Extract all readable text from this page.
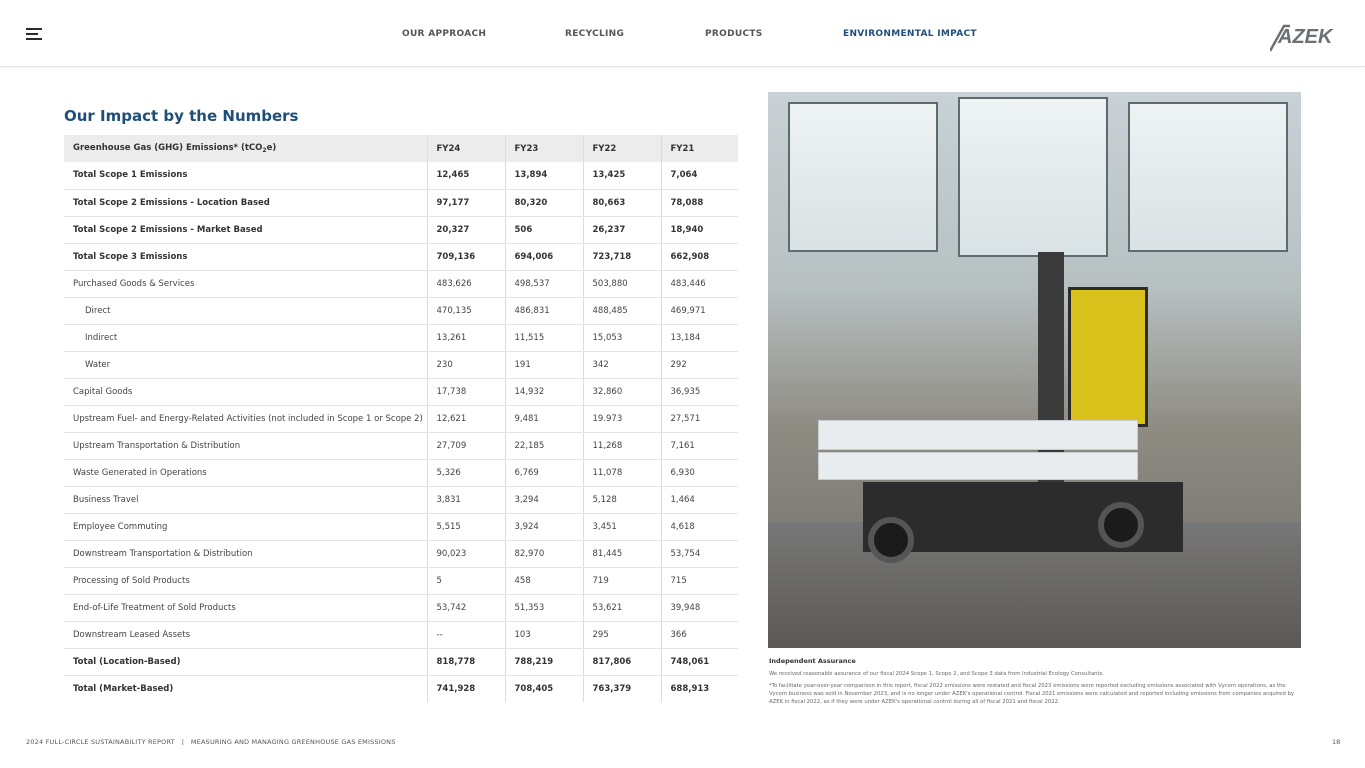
OUR APPROACH	RECYCLING	PRODUCTS	ENVIRONMENTAL IMPACT	AZEK
Our Impact by the Numbers
Greenhouse Gas (GHG) Emissions* (tCO$_2$e)	FY24	FY23	FY22	FY21
Total Scope 1 Emissions	12,465	13,894	13,425	7,064
Total Scope 2 Emissions - Location Based	97,177	80,320	80,663	78,088
Total Scope 2 Emissions - Market Based	20,327	506	26,237	18,940
Total Scope 3 Emissions	709,136	694,006	723,718	662,908
Purchased Goods & Services	483,626	498,537	503,880	483,446
Direct	470,135	486,831	488,485	469,971
Indirect	13,261	11,515	15,053	13,184
Water	230	191	342	292
Capital Goods	17,738	14,932	32,860	36,935
Upstream Fuel- and Energy-Related Activities (not included in Scope 1 or Scope 2)	12,621	9,481	19.973	27,571
Upstream Transportation & Distribution	27,709	22,185	11,268	7,161
Waste Generated in Operations	5,326	6,769	11,078	6,930
Business Travel	3,831	3,294	5,128	1,464
Employee Commuting	5,515	3,924	3,451	4,618
Downstream Transportation & Distribution	90,023	82,970	81,445	53,754
Processing of Sold Products	5	458	719	715
End-of-Life Treatment of Sold Products	53,742	51,353	53,621	39,948
Downstream Leased Assets	--	103	295	366
Total (Location-Based)	818,778	788,219	817,806	748,061
Total (Market-Based)	741,928	708,405	763,379	688,913
Independent Assurance
We received reasonable assurance of our fiscal 2024 Scope 1, Scope 2, and Scope 3 data from Industrial Ecology Consultants.
*To facilitate year-over-year comparison in this report, fiscal 2022 emissions were restated and fiscal 2023 emissions were reported excluding emissions associated with Vycom operations, as the Vycom business was sold in November 2023, and is no longer under AZEK's operational control. Fiscal 2021 emissions were calculated and reported including emissions from companies acquired by AZEK in fiscal 2022, as if they were under AZEK's operational control during all of fiscal 2021 and fiscal 2022.
2024 FULL-CIRCLE SUSTAINABILITY REPORT   |   MEASURING AND MANAGING GREENHOUSE GAS EMISSIONS	18
